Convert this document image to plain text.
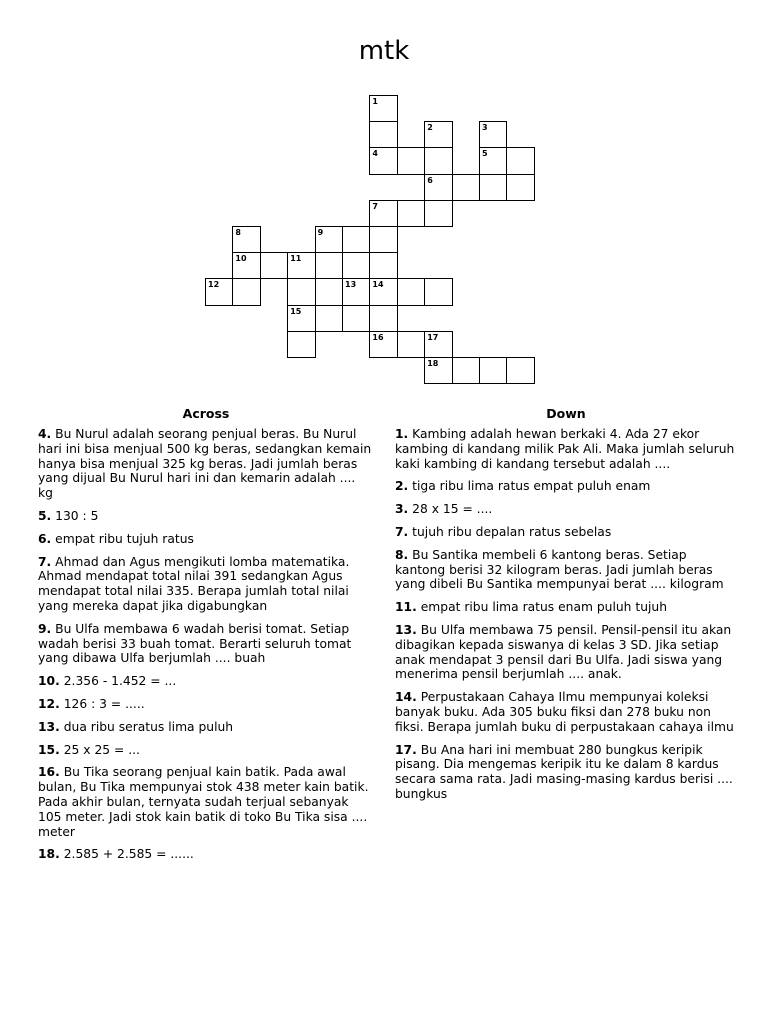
mtk
1
2	3
4	5
6
7
8	9
10	11
12	13 14
15
16	17
18
Across

4. Bu Nurul adalah seorang penjual beras. Bu Nurul hari ini bisa menjual 500 kg beras, sedangkan kemain hanya bisa menjual 325 kg beras. Jadi jumlah beras yang dijual Bu Nurul hari ini dan kemarin adalah .... kg

5. 130 : 5

6. empat ribu tujuh ratus

7. Ahmad dan Agus mengikuti lomba matematika. Ahmad mendapat total nilai 391 sedangkan Agus mendapat total nilai 335. Berapa jumlah total nilai yang mereka dapat jika digabungkan

9. Bu Ulfa membawa 6 wadah berisi tomat. Setiap wadah berisi 33 buah tomat. Berarti seluruh tomat yang dibawa Ulfa berjumlah .... buah

10. 2.356 - 1.452 = ...

12. 126 : 3 = .....

13. dua ribu seratus lima puluh

15. 25 x 25 = ...

16. Bu Tika seorang penjual kain batik. Pada awal bulan, Bu Tika mempunyai stok 438 meter kain batik. Pada akhir bulan, ternyata sudah terjual sebanyak 105 meter. Jadi stok kain batik di toko Bu Tika sisa .... meter

18. 2.585 + 2.585 = ......

Down

1. Kambing adalah hewan berkaki 4. Ada 27 ekor kambing di kandang milik Pak Ali. Maka jumlah seluruh kaki kambing di kandang tersebut adalah ....

2. tiga ribu lima ratus empat puluh enam

3. 28 x 15 = ....

7. tujuh ribu depalan ratus sebelas

8. Bu Santika membeli 6 kantong beras. Setiap kantong berisi 32 kilogram beras. Jadi jumlah beras yang dibeli Bu Santika mempunyai berat .... kilogram

11. empat ribu lima ratus enam puluh tujuh

13. Bu Ulfa membawa 75 pensil. Pensil-pensil itu akan dibagikan kepada siswanya di kelas 3 SD. Jika setiap anak mendapat 3 pensil dari Bu Ulfa. Jadi siswa yang menerima pensil berjumlah .... anak.

14. Perpustakaan Cahaya Ilmu mempunyai koleksi banyak buku. Ada 305 buku fiksi dan 278 buku non fiksi. Berapa jumlah buku di perpustakaan cahaya ilmu

17. Bu Ana hari ini membuat 280 bungkus keripik pisang. Dia mengemas keripik itu ke dalam 8 kardus secara sama rata. Jadi masing-masing kardus berisi .... bungkus
